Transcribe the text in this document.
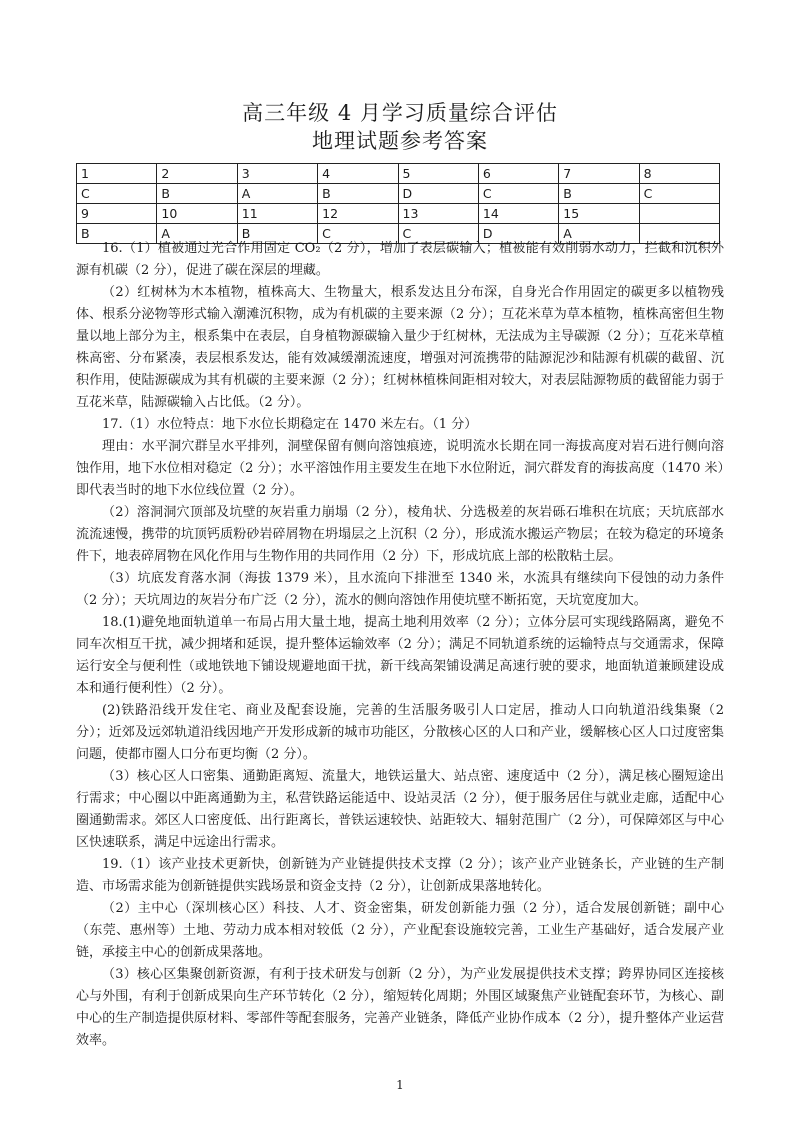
高三年级 4 月学习质量综合评估
地理试题参考答案
1	2	3	4	5	6	7	8
C	B	A	B	D	C	B	C
9	10	11	12	13	14	15	
B	A	B	C	C	D	A	

16.（1）植被通过光合作用固定 CO₂（2 分），增加了表层碳输入；植被能有效削弱水动力，拦截和沉积外源有机碳（2 分），促进了碳在深层的埋藏。

（2）红树林为木本植物，植株高大、生物量大，根系发达且分布深，自身光合作用固定的碳更多以植物残体、根系分泌物等形式输入潮滩沉积物，成为有机碳的主要来源（2 分）；互花米草为草本植物，植株高密但生物量以地上部分为主，根系集中在表层，自身植物源碳输入量少于红树林，无法成为主导碳源（2 分）；互花米草植株高密、分布紧凑，表层根系发达，能有效减缓潮流速度，增强对河流携带的陆源泥沙和陆源有机碳的截留、沉积作用，使陆源碳成为其有机碳的主要来源（2 分）；红树林植株间距相对较大，对表层陆源物质的截留能力弱于互花米草，陆源碳输入占比低。（2 分）。

17.（1）水位特点：地下水位长期稳定在 1470 米左右。（1 分）

理由：水平洞穴群呈水平排列，洞壁保留有侧向溶蚀痕迹，说明流水长期在同一海拔高度对岩石进行侧向溶蚀作用，地下水位相对稳定（2 分）；水平溶蚀作用主要发生在地下水位附近，洞穴群发育的海拔高度（1470 米）即代表当时的地下水位线位置（2 分）。

（2）溶洞洞穴顶部及坑壁的灰岩重力崩塌（2 分），棱角状、分选极差的灰岩砾石堆积在坑底；天坑底部水流流速慢，携带的坑顶钙质粉砂岩碎屑物在坍塌层之上沉积（2 分），形成流水搬运产物层；在较为稳定的环境条件下，地表碎屑物在风化作用与生物作用的共同作用（2 分）下，形成坑底上部的松散粘土层。

（3）坑底发育落水洞（海拔 1379 米），且水流向下排泄至 1340 米，水流具有继续向下侵蚀的动力条件（2 分）；天坑周边的灰岩分布广泛（2 分），流水的侧向溶蚀作用使坑壁不断拓宽，天坑宽度加大。

18.(1)避免地面轨道单一布局占用大量土地，提高土地利用效率（2 分）；立体分层可实现线路隔离，避免不同车次相互干扰，减少拥堵和延误，提升整体运输效率（2 分）；满足不同轨道系统的运输特点与交通需求，保障运行安全与便利性（或地铁地下铺设规避地面干扰，新干线高架铺设满足高速行驶的要求，地面轨道兼顾建设成本和通行便利性）（2 分）。

(2)铁路沿线开发住宅、商业及配套设施，完善的生活服务吸引人口定居，推动人口向轨道沿线集聚（2 分）；近郊及远郊轨道沿线因地产开发形成新的城市功能区，分散核心区的人口和产业，缓解核心区人口过度密集问题，使都市圈人口分布更均衡（2 分）。

（3）核心区人口密集、通勤距离短、流量大，地铁运量大、站点密、速度适中（2 分），满足核心圈短途出行需求；中心圈以中距离通勤为主，私营铁路运能适中、设站灵活（2 分），便于服务居住与就业走廊，适配中心圈通勤需求。郊区人口密度低、出行距离长，普铁运速较快、站距较大、辐射范围广（2 分），可保障郊区与中心区快速联系，满足中远途出行需求。

19.（1）该产业技术更新快，创新链为产业链提供技术支撑（2 分）；该产业产业链条长，产业链的生产制造、市场需求能为创新链提供实践场景和资金支持（2 分），让创新成果落地转化。

（2）主中心（深圳核心区）科技、人才、资金密集，研发创新能力强（2 分），适合发展创新链；副中心（东莞、惠州等）土地、劳动力成本相对较低（2 分），产业配套设施较完善，工业生产基础好，适合发展产业链，承接主中心的创新成果落地。

（3）核心区集聚创新资源，有利于技术研发与创新（2 分），为产业发展提供技术支撑；跨界协同区连接核心与外围，有利于创新成果向生产环节转化（2 分），缩短转化周期；外围区域聚焦产业链配套环节，为核心、副中心的生产制造提供原材料、零部件等配套服务，完善产业链条，降低产业协作成本（2 分），提升整体产业运营效率。

1
